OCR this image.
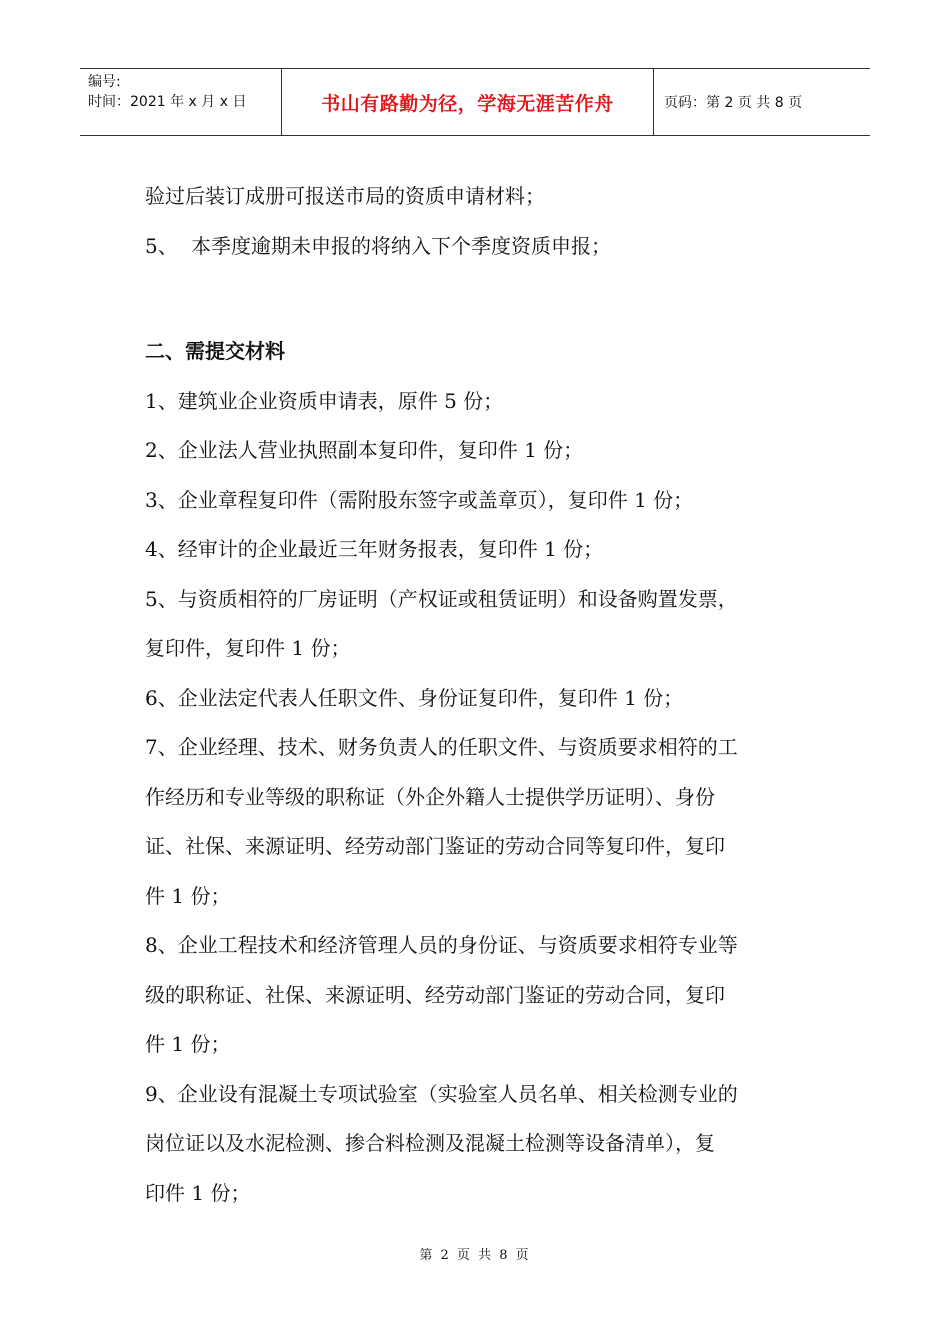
编号:
时间：2021 年 x 月 x 日	书山有路勤为径，学海无涯苦作舟	页码：第 2 页 共 8 页

验过后装订成册可报送市局的资质申请材料；

5、 本季度逾期未申报的将纳入下个季度资质申报；

二、需提交材料

1、建筑业企业资质申请表，原件 5 份；

2、企业法人营业执照副本复印件，复印件 1 份；

3、企业章程复印件（需附股东签字或盖章页），复印件 1 份；

4、经审计的企业最近三年财务报表，复印件 1 份；

5、与资质相符的厂房证明（产权证或租赁证明）和设备购置发票，

复印件，复印件 1 份；

6、企业法定代表人任职文件、身份证复印件，复印件 1 份；

7、企业经理、技术、财务负责人的任职文件、与资质要求相符的工

作经历和专业等级的职称证（外企外籍人士提供学历证明）、身份

证、社保、来源证明、经劳动部门鉴证的劳动合同等复印件，复印

件 1 份；

8、企业工程技术和经济管理人员的身份证、与资质要求相符专业等

级的职称证、社保、来源证明、经劳动部门鉴证的劳动合同，复印

件 1 份；

9、企业设有混凝土专项试验室（实验室人员名单、相关检测专业的

岗位证以及水泥检测、掺合料检测及混凝土检测等设备清单），复

印件 1 份；

第 2 页 共 8 页
